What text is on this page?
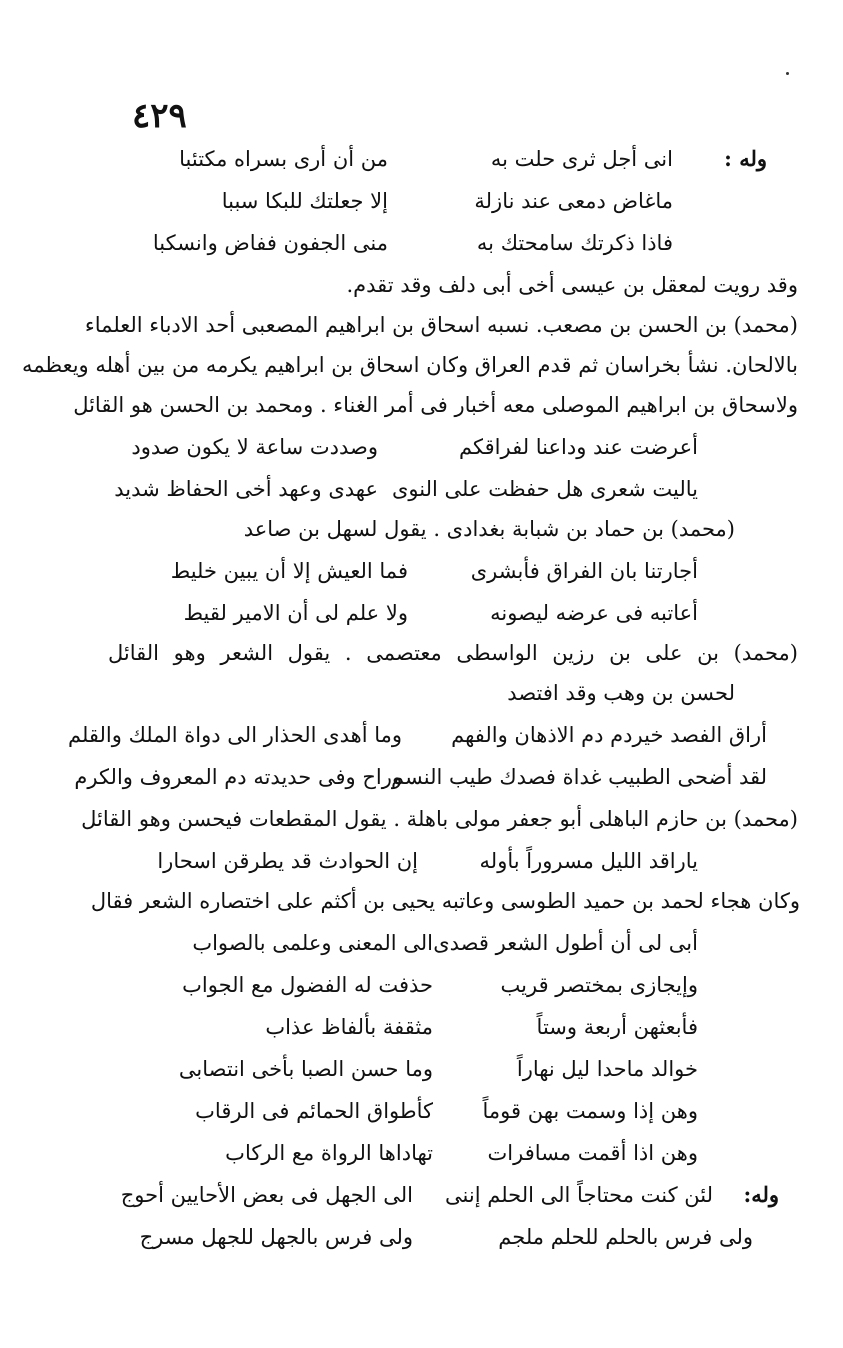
٤٢٩
وله :
انى أجل ثرى حلت به
من أن أرى بسراه مكتئبا
ماغاض دمعى عند نازلة
إلا جعلتك للبكا سببا
فاذا ذكرتك سامحتك به
منى الجفون ففاض وانسكبا
وقد رويت لمعقل بن عيسى أخى أبى دلف وقد تقدم.
(محمد) بن الحسن بن مصعب. نسبه اسحاق بن ابراهيم المصعبى أحد الادباء العلماء
بالالحان. نشأ بخراسان ثم قدم العراق وكان اسحاق بن ابراهيم يكرمه من بين أهله ويعظمه
ولاسحاق بن ابراهيم الموصلى معه أخبار فى أمر الغناء . ومحمد بن الحسن هو القائل
أعرضت عند وداعنا لفراقكم
وصددت ساعة لا يكون صدود
ياليت شعرى هل حفظت على النوى
عهدى وعهد أخى الحفاظ شديد
(محمد) بن حماد بن شبابة بغدادى . يقول لسهل بن صاعد
أجارتنا بان الفراق فأبشرى
فما العيش إلا أن يبين خليط
أعاتبه فى عرضه ليصونه
ولا علم لى أن الامير لقيط
(محمد) بن على بن رزين الواسطى معتصمى . يقول الشعر وهو القائل
لحسن بن وهب وقد افتصد
أراق الفصد خيردم دم الاذهان والفهم
وما أهدى الحذار الى دواة الملك والقلم
لقد أضحى الطبيب غداة فصدك طيب النسم
وراح وفى حديدته دم المعروف والكرم
(محمد) بن حازم الباهلى أبو جعفر مولى باهلة . يقول المقطعات فيحسن وهو القائل
ياراقد الليل مسروراً بأوله
إن الحوادث قد يطرقن اسحارا
وكان هجاء لحمد بن حميد الطوسى وعاتبه يحيى بن أكثم على اختصاره الشعر فقال
أبى لى أن أطول الشعر قصدى
الى المعنى وعلمى بالصواب
وإيجازى بمختصر قريب
حذفت له الفضول مع الجواب
فأبعثهن أربعة وستاً
مثقفة بألفاظ عذاب
خوالد ماحدا ليل نهاراً
وما حسن الصبا بأخى انتصابى
وهن إذا وسمت بهن قوماً
كأطواق الحمائم فى الرقاب
وهن اذا أقمت مسافرات
تهاداها الرواة مع الركاب
وله:
لئن كنت محتاجاً الى الحلم إننى
الى الجهل فى بعض الأحايين أحوج
ولى فرس بالحلم للحلم ملجم
ولى فرس بالجهل للجهل مسرج
